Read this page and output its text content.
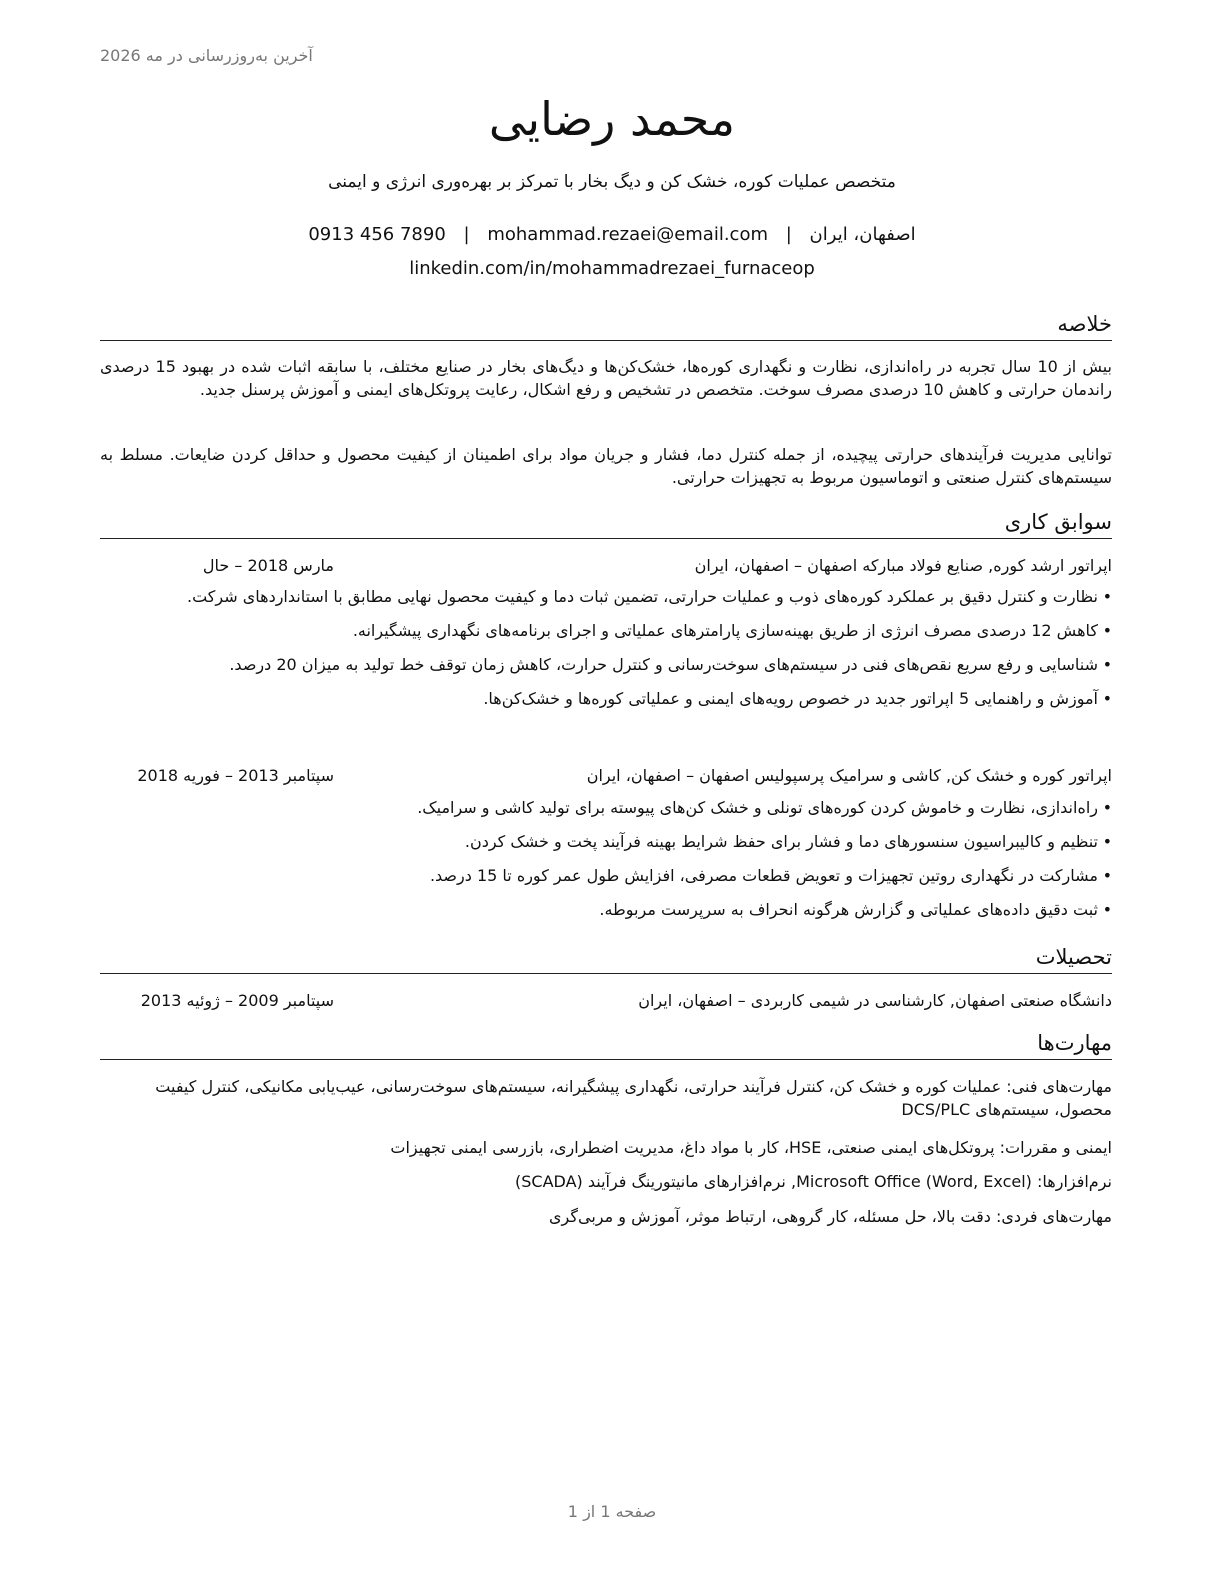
آخرین به‌روزرسانی در مه 2026
محمد رضایی
متخصص عملیات کوره، خشک کن و دیگ بخار با تمرکز بر بهره‌وری انرژی و ایمنی
اصفهان، ایران | mohammad.rezaei@email.com | 0913 456 7890
linkedin.com/in/mohammadrezaei_furnaceop
خلاصه
بیش از 10 سال تجربه در راه‌اندازی، نظارت و نگهداری کوره‌ها، خشک‌کن‌ها و دیگ‌های بخار در صنایع مختلف، با سابقه اثبات شده در بهبود 15 درصدی راندمان حرارتی و کاهش 10 درصدی مصرف سوخت. متخصص در تشخیص و رفع اشکال، رعایت پروتکل‌های ایمنی و آموزش پرسنل جدید.
توانایی مدیریت فرآیندهای حرارتی پیچیده، از جمله کنترل دما، فشار و جریان مواد برای اطمینان از کیفیت محصول و حداقل کردن ضایعات. مسلط به سیستم‌های کنترل صنعتی و اتوماسیون مربوط به تجهیزات حرارتی.
سوابق کاری
اپراتور ارشد کوره, صنایع فولاد مبارکه اصفهان – اصفهان، ایران
مارس 2018 – حال
• نظارت و کنترل دقیق بر عملکرد کوره‌های ذوب و عملیات حرارتی، تضمین ثبات دما و کیفیت محصول نهایی مطابق با استانداردهای شرکت.
• کاهش 12 درصدی مصرف انرژی از طریق بهینه‌سازی پارامترهای عملیاتی و اجرای برنامه‌های نگهداری پیشگیرانه.
• شناسایی و رفع سریع نقص‌های فنی در سیستم‌های سوخت‌رسانی و کنترل حرارت، کاهش زمان توقف خط تولید به میزان 20 درصد.
• آموزش و راهنمایی 5 اپراتور جدید در خصوص رویه‌های ایمنی و عملیاتی کوره‌ها و خشک‌کن‌ها.
اپراتور کوره و خشک کن, کاشی و سرامیک پرسپولیس اصفهان – اصفهان، ایران
سپتامبر 2013 – فوریه 2018
• راه‌اندازی، نظارت و خاموش کردن کوره‌های تونلی و خشک کن‌های پیوسته برای تولید کاشی و سرامیک.
• تنظیم و کالیبراسیون سنسورهای دما و فشار برای حفظ شرایط بهینه فرآیند پخت و خشک کردن.
• مشارکت در نگهداری روتین تجهیزات و تعویض قطعات مصرفی، افزایش طول عمر کوره تا 15 درصد.
• ثبت دقیق داده‌های عملیاتی و گزارش هرگونه انحراف به سرپرست مربوطه.
تحصیلات
دانشگاه صنعتی اصفهان, کارشناسی در شیمی کاربردی – اصفهان، ایران
سپتامبر 2009 – ژوئیه 2013
مهارت‌ها
مهارت‌های فنی: عملیات کوره و خشک کن، کنترل فرآیند حرارتی، نگهداری پیشگیرانه، سیستم‌های سوخت‌رسانی، عیب‌یابی مکانیکی، کنترل کیفیت محصول، سیستم‌های DCS/PLC
ایمنی و مقررات: پروتکل‌های ایمنی صنعتی، HSE، کار با مواد داغ، مدیریت اضطراری، بازرسی ایمنی تجهیزات
نرم‌افزارها: Microsoft Office (Word, Excel), نرم‌افزارهای مانیتورینگ فرآیند (SCADA)
مهارت‌های فردی: دقت بالا، حل مسئله، کار گروهی، ارتباط موثر، آموزش و مربی‌گری
صفحه 1 از 1
